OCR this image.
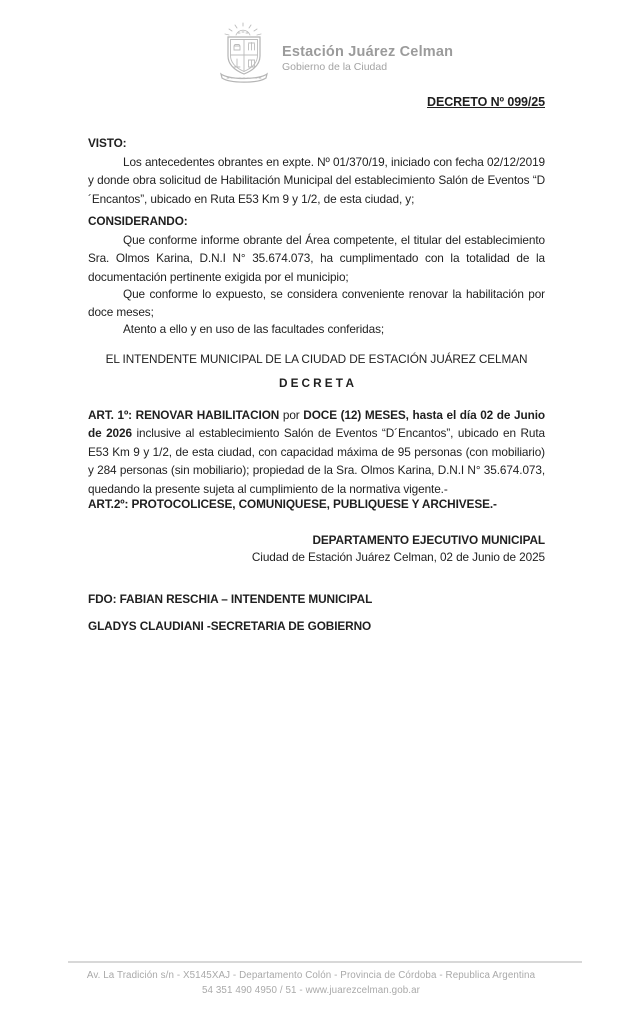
Estación Juárez Celman
Gobierno de la Ciudad
DECRETO Nº 099/25
VISTO:
Los antecedentes obrantes en expte. Nº 01/370/19, iniciado con fecha 02/12/2019 y donde obra solicitud de Habilitación Municipal del establecimiento Salón de Eventos “D´Encantos”, ubicado en Ruta E53 Km 9 y 1/2, de esta ciudad, y;
CONSIDERANDO:
Que conforme informe obrante del Área competente, el titular del establecimiento Sra. Olmos Karina, D.N.I N° 35.674.073, ha cumplimentado con la totalidad de la documentación pertinente exigida por el municipio;
Que conforme lo expuesto, se considera conveniente renovar la habilitación por doce meses;
Atento a ello y en uso de las facultades conferidas;
EL INTENDENTE MUNICIPAL DE LA CIUDAD DE ESTACIÓN JUÁREZ CELMAN
D E C R E T A
ART. 1º: RENOVAR HABILITACION por DOCE (12) MESES, hasta el día 02 de Junio de 2026 inclusive al establecimiento Salón de Eventos “D´Encantos”, ubicado en Ruta E53 Km 9 y 1/2, de esta ciudad, con capacidad máxima de 95 personas (con mobiliario) y 284 personas (sin mobiliario); propiedad de la Sra. Olmos Karina, D.N.I N° 35.674.073, quedando la presente sujeta al cumplimiento de la normativa vigente.-
ART.2º: PROTOCOLICESE, COMUNIQUESE, PUBLIQUESE Y ARCHIVESE.-
DEPARTAMENTO EJECUTIVO MUNICIPAL
Ciudad de Estación Juárez Celman, 02 de Junio de 2025
FDO: FABIAN RESCHIA – INTENDENTE MUNICIPAL
GLADYS CLAUDIANI -SECRETARIA DE GOBIERNO
Av. La Tradición s/n - X5145XAJ - Departamento Colón - Provincia de Córdoba - Republica Argentina
54 351 490 4950 / 51 - www.juarezcelman.gob.ar
